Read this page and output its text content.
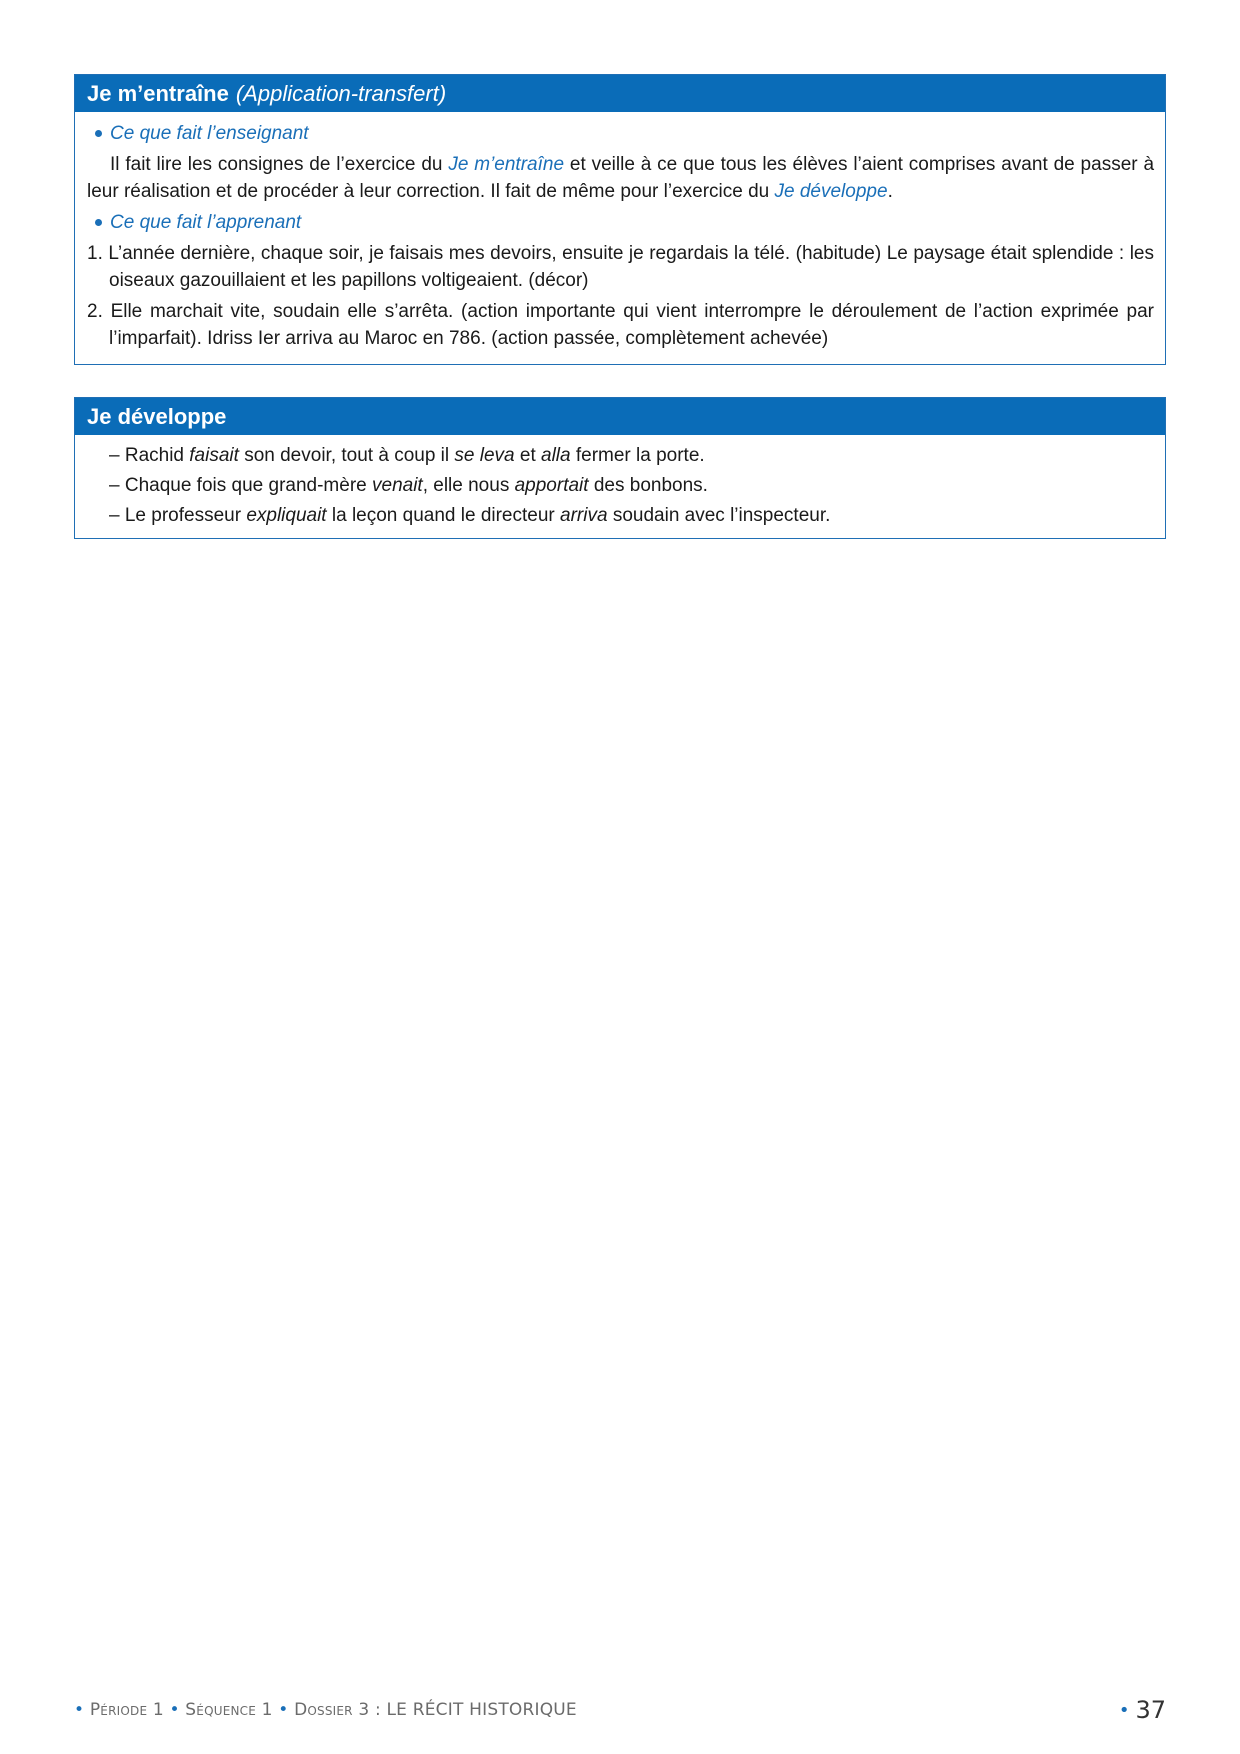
Je m’entraîne (Application-transfert)
Ce que fait l’enseignant

Il fait lire les consignes de l’exercice du Je m’entraîne et veille à ce que tous les élèves l’aient comprises avant de passer à leur réalisation et de procéder à leur correction. Il fait de même pour l’exercice du Je développe.

Ce que fait l’apprenant

1. L’année dernière, chaque soir, je faisais mes devoirs, ensuite je regardais la télé. (habitude) Le paysage était splendide : les oiseaux gazouillaient et les papillons voltigeaient. (décor)

2. Elle marchait vite, soudain elle s’arrêta. (action importante qui vient interrompre le déroulement de l’action exprimée par l’imparfait). Idriss Ier arriva au Maroc en 786. (action passée, complètement achevée)

Je développe
– Rachid faisait son devoir, tout à coup il se leva et alla fermer la porte.
– Chaque fois que grand-mère venait, elle nous apportait des bonbons.
– Le professeur expliquait la leçon quand le directeur arriva soudain avec l’inspecteur.
• Période 1 • Séquence 1 • Dossier 3 : LE RÉCIT HISTORIQUE	• 37
